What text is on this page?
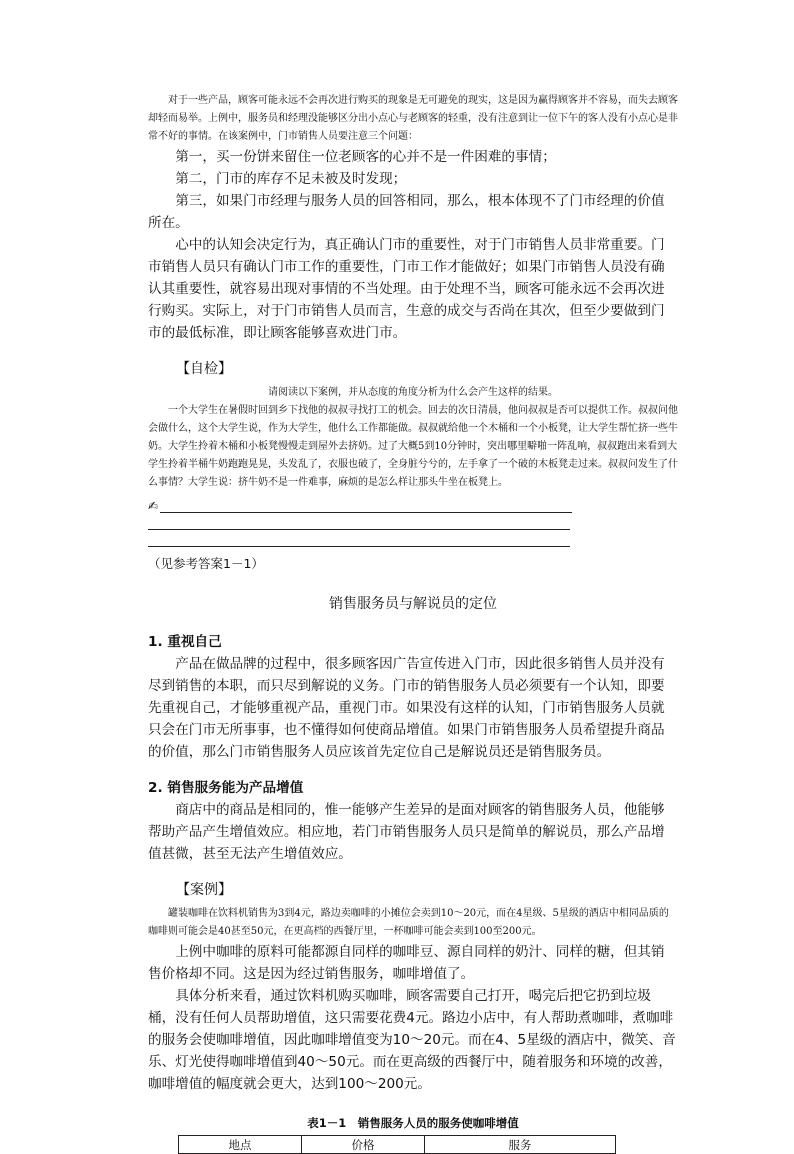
对于一些产品，顾客可能永远不会再次进行购买的现象是无可避免的现实，这是因为赢得顾客并不容易，而失去顾客却轻而易举。上例中，服务员和经理没能够区分出小点心与老顾客的轻重，没有注意到让一位下午的客人没有小点心是非常不好的事情。在该案例中，门市销售人员要注意三个问题：

第一，买一份饼来留住一位老顾客的心并不是一件困难的事情；

第二，门市的库存不足未被及时发现；

第三，如果门市经理与服务人员的回答相同，那么，根本体现不了门市经理的价值所在。

心中的认知会决定行为，真正确认门市的重要性，对于门市销售人员非常重要。门市销售人员只有确认门市工作的重要性，门市工作才能做好；如果门市销售人员没有确认其重要性，就容易出现对事情的不当处理。由于处理不当，顾客可能永远不会再次进行购买。实际上，对于门市销售人员而言，生意的成交与否尚在其次，但至少要做到门市的最低标准，即让顾客能够喜欢进门市。

【自检】

请阅读以下案例，并从态度的角度分析为什么会产生这样的结果。

一个大学生在暑假时回到乡下找他的叔叔寻找打工的机会。回去的次日清晨，他问叔叔是否可以提供工作。叔叔问他会做什么，这个大学生说，作为大学生，他什么工作都能做。叔叔就给他一个木桶和一个小板凳，让大学生帮忙挤一些牛奶。大学生拎着木桶和小板凳慢慢走到屋外去挤奶。过了大概5到10分钟时，突出哪里噼啪一阵乱响，叔叔跑出来看到大学生拎着半桶牛奶跑跑晃晃，头发乱了，衣服也破了，全身脏兮兮的，左手拿了一个破的木板凳走过来。叔叔问发生了什么事情？大学生说：挤牛奶不是一件难事，麻烦的是怎么样让那头牛坐在板凳上。

✍

（见参考答案1－1）

销售服务员与解说员的定位

1. 重视自己

产品在做品牌的过程中，很多顾客因广告宣传进入门市，因此很多销售人员并没有尽到销售的本职，而只尽到解说的义务。门市的销售服务人员必须要有一个认知，即要先重视自己，才能够重视产品，重视门市。如果没有这样的认知，门市销售服务人员就只会在门市无所事事，也不懂得如何使商品增值。如果门市销售服务人员希望提升商品的价值，那么门市销售服务人员应该首先定位自己是解说员还是销售服务员。

2. 销售服务能为产品增值

商店中的商品是相同的，惟一能够产生差异的是面对顾客的销售服务人员，他能够帮助产品产生增值效应。相应地，若门市销售服务人员只是简单的解说员，那么产品增值甚微，甚至无法产生增值效应。

【案例】

罐装咖啡在饮料机销售为3到4元，路边卖咖啡的小摊位会卖到10～20元，而在4星级、5星级的酒店中相同品质的咖啡则可能会是40甚至50元，在更高档的西餐厅里，一杯咖啡可能会卖到100至200元。

上例中咖啡的原料可能都源自同样的咖啡豆、源自同样的奶汁、同样的糖，但其销售价格却不同。这是因为经过销售服务，咖啡增值了。

具体分析来看，通过饮料机购买咖啡，顾客需要自己打开，喝完后把它扔到垃圾桶，没有任何人员帮助增值，这只需要花费4元。路边小店中，有人帮助煮咖啡，煮咖啡的服务会使咖啡增值，因此咖啡增值变为10～20元。而在4、5星级的酒店中，微笑、音乐、灯光使得咖啡增值到40～50元。而在更高级的西餐厅中，随着服务和环境的改善，咖啡增值的幅度就会更大，达到100～200元。

表1－1　销售服务人员的服务使咖啡增值

地点	价格	服务
